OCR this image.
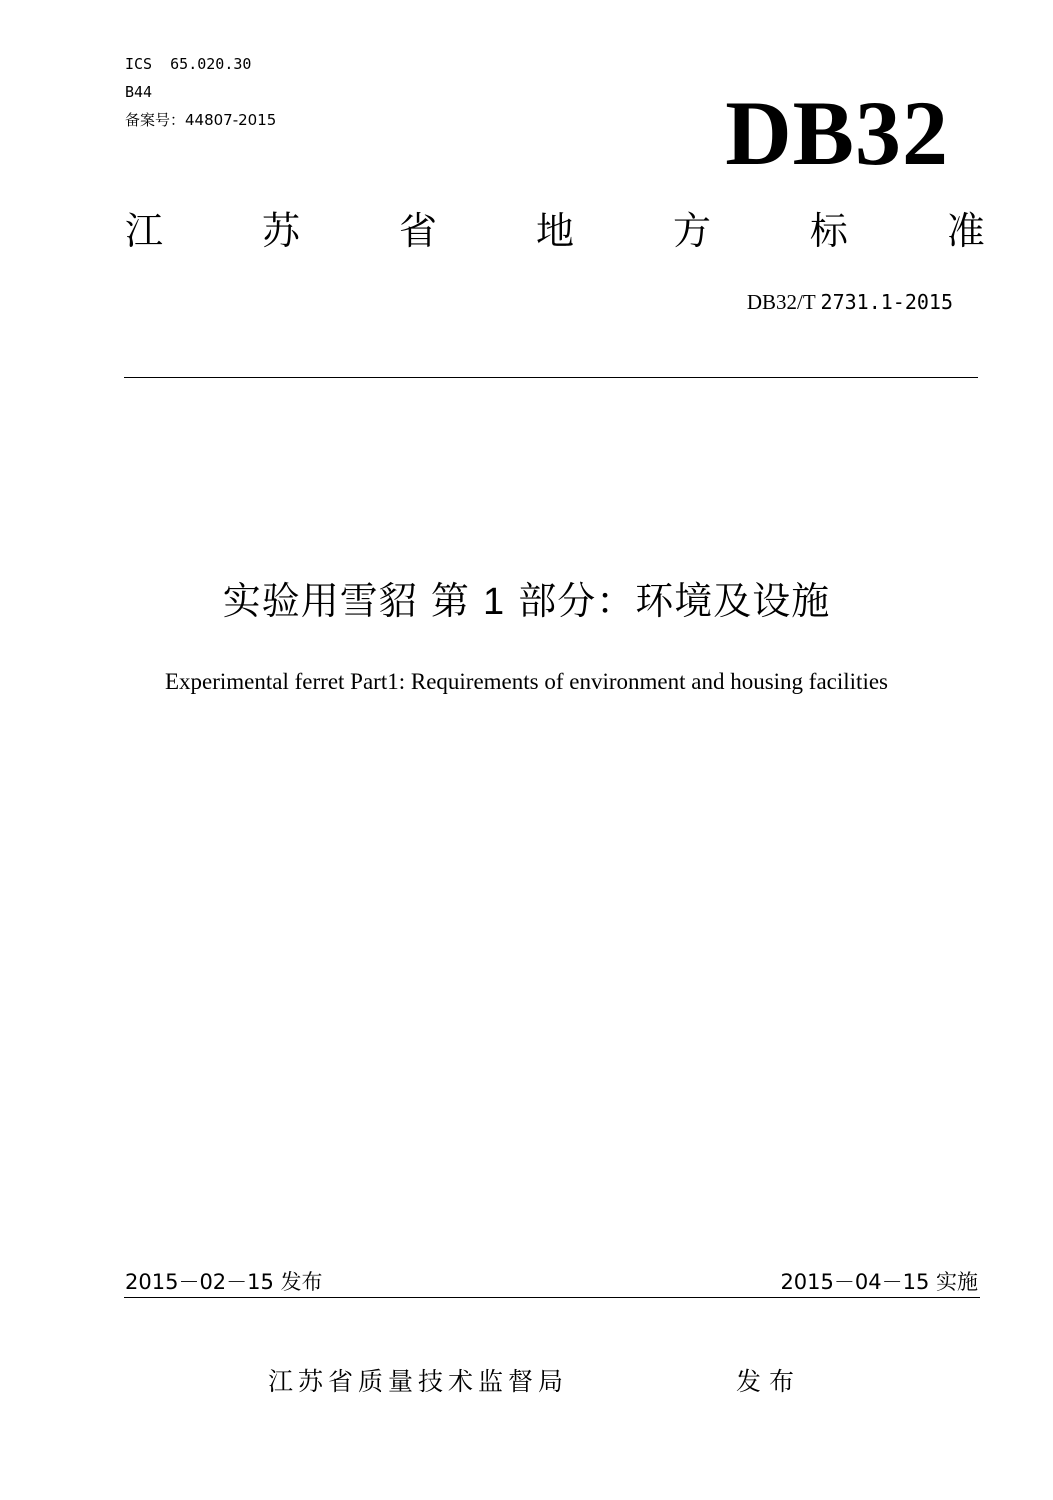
ICS  65.020.30
B44
备案号：44807-2015	DB32
江	苏	省	地	方	标	准
DB32/T 2731.1-2015
实验用雪貂 第 1 部分：环境及设施
Experimental ferret Part1: Requirements of environment and housing facilities
2015－02－15 发布	2015－04－15 实施
江苏省质量技术监督局	发布
